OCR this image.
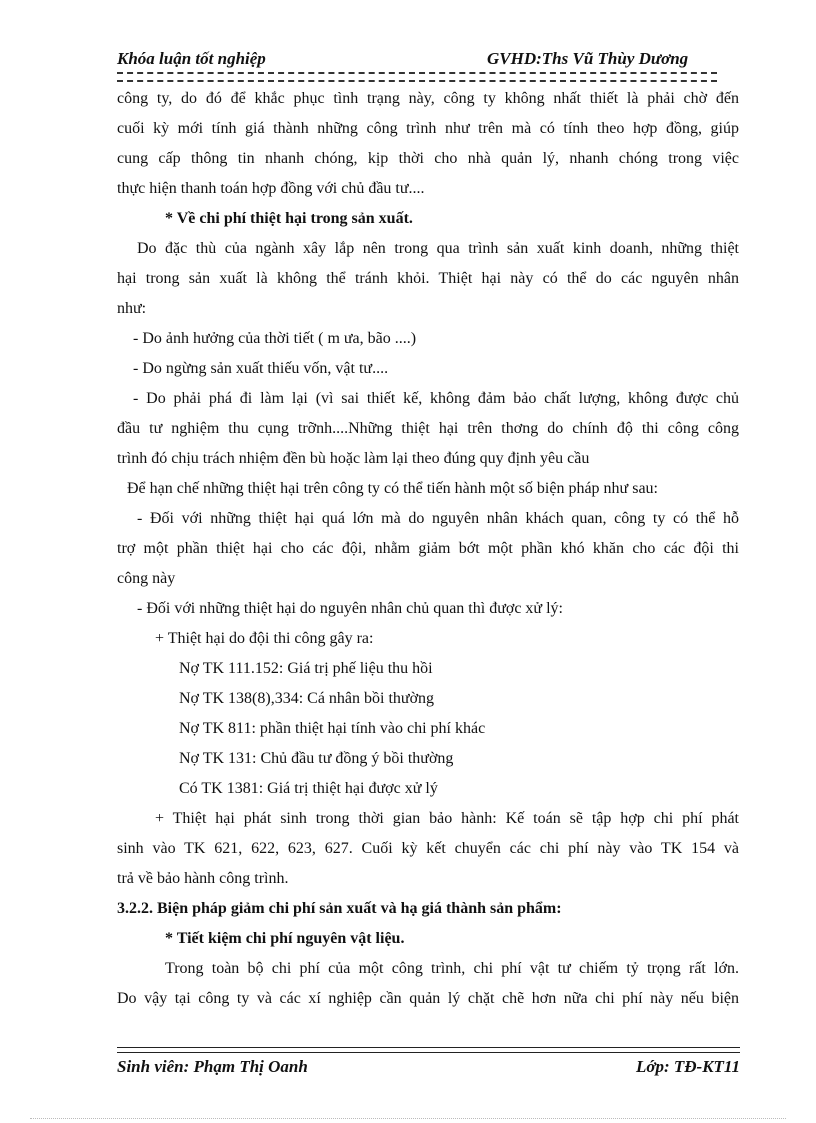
Khóa luận tốt nghiệp	GVHD:Ths Vũ Thùy Dương
công ty, do đó để khắc phục tình trạng này, công ty không nhất thiết là phải chờ đến
cuối kỳ mới tính giá thành những công trình như trên mà có tính theo hợp đồng, giúp
cung cấp thông tin nhanh chóng, kịp thời cho nhà quản lý, nhanh chóng trong việc
thực hiện thanh toán hợp đồng với chủ đầu tư....
* Về chi phí thiệt hại trong sản xuất.
Do đặc thù của ngành xây lắp nên trong qua trình sản xuất kinh doanh, những thiệt
hại trong sản xuất là không thể tránh khỏi. Thiệt hại này có thể do các nguyên nhân
như:
- Do ảnh hưởng của thời tiết ( m ưa, bão ....)
- Do ngừng sản xuất thiếu vốn, vật tư....
- Do phải phá đi làm lại (vì sai thiết kế, không đảm bảo chất lượng, không được chủ
đầu tư nghiệm thu cụng trỡnh....Những thiệt hại trên thơng do chính độ thi công công
trình đó chịu trách nhiệm đền bù hoặc làm lại theo đúng quy định yêu cầu
Để hạn chế những thiệt hại trên công ty có thể tiến hành một số biện pháp như sau:
- Đối với những thiệt hại quá lớn mà do nguyên nhân khách quan, công ty có thể hỗ
trợ một phần thiệt hại cho các đội, nhằm giảm bớt một phần khó khăn cho các đội thi
công này
- Đối với những thiệt hại do nguyên nhân chủ quan thì được xử lý:
+ Thiệt hại do đội thi công gây ra:
Nợ TK 111.152: Giá trị phế liệu thu hồi
Nợ TK 138(8),334: Cá nhân bồi thường
Nợ TK 811: phần thiệt hại tính vào chi phí khác
Nợ TK 131: Chủ đầu tư đồng ý bồi thường
Có TK 1381: Giá trị thiệt hại được xử lý
+ Thiệt hại phát sinh trong thời gian bảo hành: Kế toán sẽ tập hợp chi phí phát
sinh vào TK 621, 622, 623, 627. Cuối kỳ kết chuyển các chi phí này vào TK 154 và
trả về bảo hành công trình.
3.2.2. Biện pháp giảm chi phí sản xuất và hạ giá thành sản phẩm:
* Tiết kiệm chi phí nguyên vật liệu.
Trong toàn bộ chi phí của một công trình, chi phí vật tư chiếm tỷ trọng rất lớn.
Do vậy tại công ty và các xí nghiệp cần quản lý chặt chẽ hơn nữa chi phí này nếu biện
Sinh viên: Phạm Thị Oanh	Lớp: TĐ-KT11
